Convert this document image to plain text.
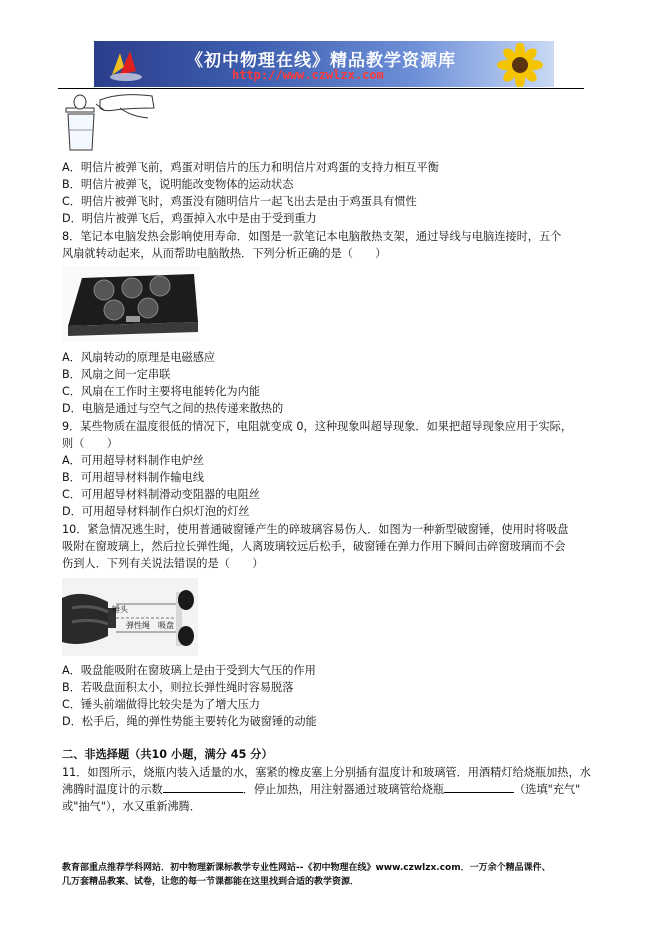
《初中物理在线》精品教学资源库
http://www.czwlzx.com
A．明信片被弹飞前，鸡蛋对明信片的压力和明信片对鸡蛋的支持力相互平衡
B．明信片被弹飞，说明能改变物体的运动状态
C．明信片被弹飞时，鸡蛋没有随明信片一起飞出去是由于鸡蛋具有惯性
D．明信片被弹飞后，鸡蛋掉入水中是由于受到重力
8．笔记本电脑发热会影响使用寿命．如图是一款笔记本电脑散热支架，通过导线与电脑连接时，五个
风扇就转动起来，从而帮助电脑散热．下列分析正确的是（　　）
A．风扇转动的原理是电磁感应
B．风扇之间一定串联
C．风扇在工作时主要将电能转化为内能
D．电脑是通过与空气之间的热传递来散热的
9．某些物质在温度很低的情况下，电阻就变成 0，这种现象叫超导现象．如果把超导现象应用于实际，
则（　　）
A．可用超导材料制作电炉丝
B．可用超导材料制作输电线
C．可用超导材料制滑动变阻器的电阻丝
D．可用超导材料制作白炽灯泡的灯丝
10．紧急情况逃生时，使用普通破窗锤产生的碎玻璃容易伤人．如图为一种新型破窗锤，使用时将吸盘
吸附在窗玻璃上，然后拉长弹性绳，人离玻璃较远后松手，破窗锤在弹力作用下瞬间击碎窗玻璃而不会
伤到人．下列有关说法错误的是（　　）
锤头
弹性绳 吸盘
A．吸盘能吸附在窗玻璃上是由于受到大气压的作用
B．若吸盘面积太小，则拉长弹性绳时容易脱落
C．锤头前端做得比较尖是为了增大压力
D．松手后，绳的弹性势能主要转化为破窗锤的动能
二、非选择题（共10 小题，满分 45 分）
11．如图所示，烧瓶内装入适量的水，塞紧的橡皮塞上分别插有温度计和玻璃管．用酒精灯给烧瓶加热，水
沸腾时温度计的示数	．停止加热，用注射器通过玻璃管给烧瓶	（选填"充气"
或"抽气"），水又重新沸腾．
教育部重点推荐学科网站．初中物理新课标教学专业性网站--《初中物理在线》www.czwlzx.com．一万余个精品课件、
几万套精品教案、试卷，让您的每一节课都能在这里找到合适的教学资源．
